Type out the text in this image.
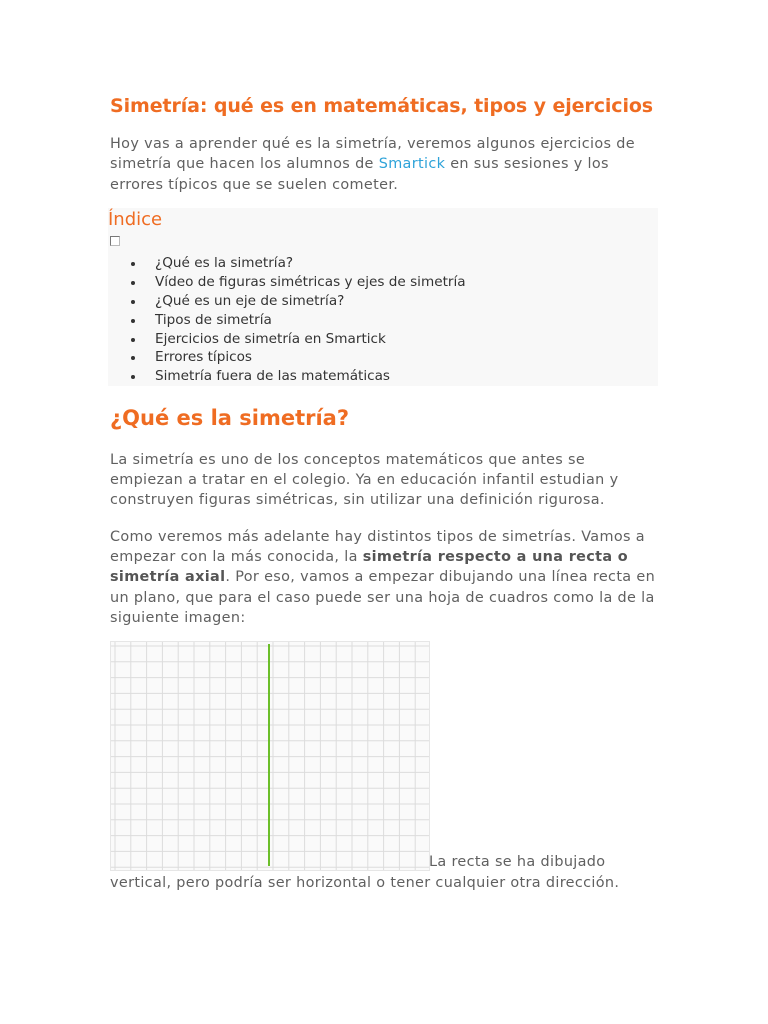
Simetría: qué es en matemáticas, tipos y ejercicios

Hoy vas a aprender qué es la simetría, veremos algunos ejercicios de simetría que hacen los alumnos de Smartick en sus sesiones y los errores típicos que se suelen cometer.

Índice
¿Qué es la simetría?
Vídeo de figuras simétricas y ejes de simetría
¿Qué es un eje de simetría?
Tipos de simetría
Ejercicios de simetría en Smartick
Errores típicos
Simetría fuera de las matemáticas
¿Qué es la simetría?

La simetría es uno de los conceptos matemáticos que antes se empiezan a tratar en el colegio. Ya en educación infantil estudian y construyen figuras simétricas, sin utilizar una definición rigurosa.

Como veremos más adelante hay distintos tipos de simetrías. Vamos a empezar con la más conocida, la simetría respecto a una recta o simetría axial. Por eso, vamos a empezar dibujando una línea recta en un plano, que para el caso puede ser una hoja de cuadros como la de la siguiente imagen:

La recta se ha dibujado vertical, pero podría ser horizontal o tener cualquier otra dirección.
